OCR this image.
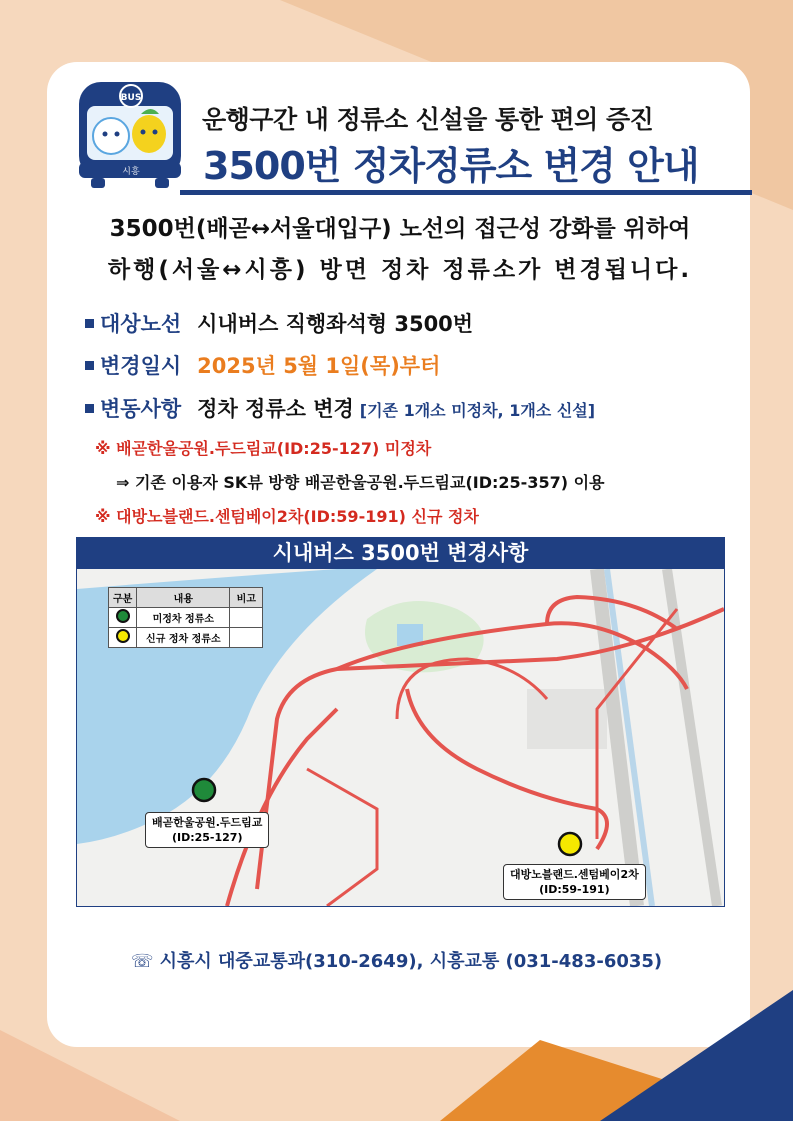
BUS
시흥
운행구간 내 정류소 신설을 통한 편의 증진
3500번 정차정류소 변경 안내
3500번(배곧↔서울대입구) 노선의 접근성 강화를 위하여
하행(서울↔시흥) 방면 정차 정류소가 변경됩니다.
대상노선 시내버스 직행좌석형 3500번
변경일시 2025년 5월 1일(목)부터
변동사항 정차 정류소 변경 [기존 1개소 미정차, 1개소 신설]
※ 배곧한울공원.두드림교(ID:25-127) 미정차
⇒ 기존 이용자 SK뷰 방향 배곧한울공원.두드림교(ID:25-357) 이용
※ 대방노블랜드.센텀베이2차(ID:59-191) 신규 정차
시내버스 3500번 변경사항
구분	내용	비고
	미정차 정류소	
	신규 정차 정류소	
배곧한울공원.두드림교
(ID:25-127)
대방노블랜드.센텀베이2차
(ID:59-191)
☏ 시흥시 대중교통과(310-2649), 시흥교통 (031-483-6035)
